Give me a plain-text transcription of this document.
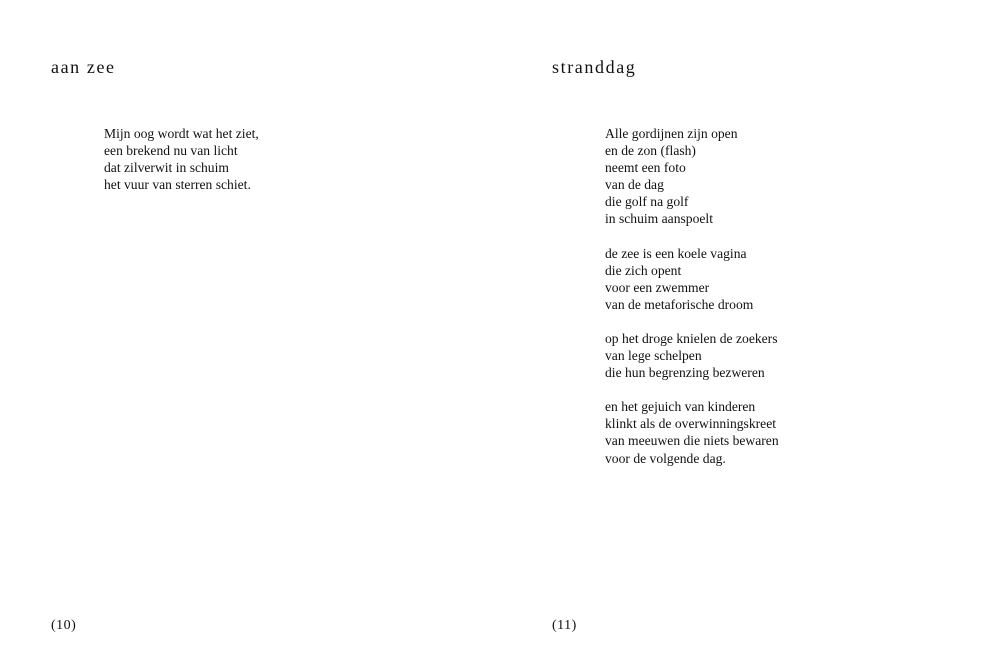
aan zee
Mijn oog wordt wat het ziet,
een brekend nu van licht
dat zilverwit in schuim
het vuur van sterren schiet.
(10)
stranddag
Alle gordijnen zijn open
en de zon (flash)
neemt een foto
van de dag
die golf na golf
in schuim aanspoelt
de zee is een koele vagina
die zich opent
voor een zwemmer
van de metaforische droom
op het droge knielen de zoekers
van lege schelpen
die hun begrenzing bezweren
en het gejuich van kinderen
klinkt als de overwinningskreet
van meeuwen die niets bewaren
voor de volgende dag.
(11)
